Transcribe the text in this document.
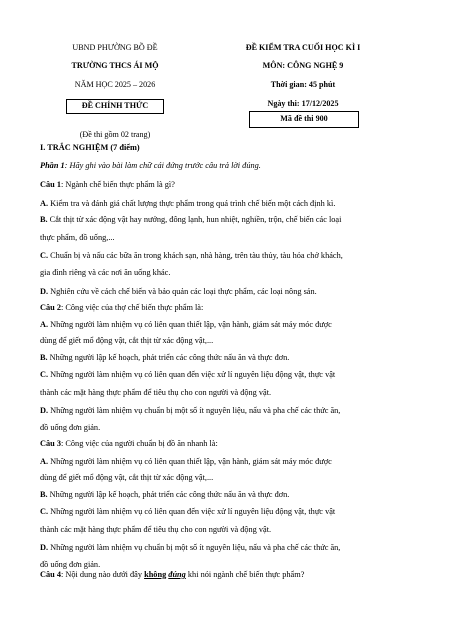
UBND PHƯỜNG BỒ ĐỀ
TRƯỜNG THCS ÁI MỘ
NĂM HỌC 2025 – 2026
ĐỀ CHÍNH THỨC
(Đề thi gồm 02 trang)
ĐỀ KIỂM TRA CUỐI HỌC KÌ I
MÔN: CÔNG NGHỆ 9
Thời gian: 45 phút
Ngày thi: 17/12/2025
Mã đề thi 900
I. TRẮC NGHIỆM (7 điểm)
Phần 1: Hãy ghi vào bài làm chữ cái đứng trước câu trả lời đúng.
Câu 1: Ngành chế biến thực phẩm là gì?
A. Kiểm tra và đánh giá chất lượng thực phẩm trong quá trình chế biến một cách định kì.
B. Cắt thịt từ xác động vật hay nướng, đông lạnh, hun nhiệt, nghiền, trộn, chế biến các loại
thực phẩm, đồ uống,...
C. Chuẩn bị và nấu các bữa ăn trong khách sạn, nhà hàng, trên tàu thủy, tàu hỏa chở khách,
gia đình riêng và các nơi ăn uống khác.
D. Nghiên cứu về cách chế biến và bảo quản các loại thực phẩm, các loại nông sản.
Câu 2: Công việc của thợ chế biến thực phẩm là:
A. Những người làm nhiệm vụ có liên quan thiết lập, vận hành, giám sát máy móc được
dùng để giết mổ động vật, cắt thịt từ xác động vật,...
B. Những người lập kế hoạch, phát triển các công thức nấu ăn và thực đơn.
C. Những người làm nhiệm vụ có liên quan đến việc xử lí nguyên liệu động vật, thực vật
thành các mặt hàng thực phẩm để tiêu thụ cho con người và động vật.
D. Những người làm nhiệm vụ chuẩn bị một số ít nguyên liệu, nấu và pha chế các thức ăn,
đồ uống đơn giản.
Câu 3: Công việc của người chuẩn bị đồ ăn nhanh là:
A. Những người làm nhiệm vụ có liên quan thiết lập, vận hành, giám sát máy móc được
dùng để giết mổ động vật, cắt thịt từ xác động vật,...
B. Những người lập kế hoạch, phát triển các công thức nấu ăn và thực đơn.
C. Những người làm nhiệm vụ có liên quan đến việc xử lí nguyên liệu động vật, thực vật
thành các mặt hàng thực phẩm để tiêu thụ cho con người và động vật.
D. Những người làm nhiệm vụ chuẩn bị một số ít nguyên liệu, nấu và pha chế các thức ăn,
đồ uống đơn giản.
Câu 4: Nội dung nào dưới đây không đúng khi nói ngành chế biến thực phẩm?
